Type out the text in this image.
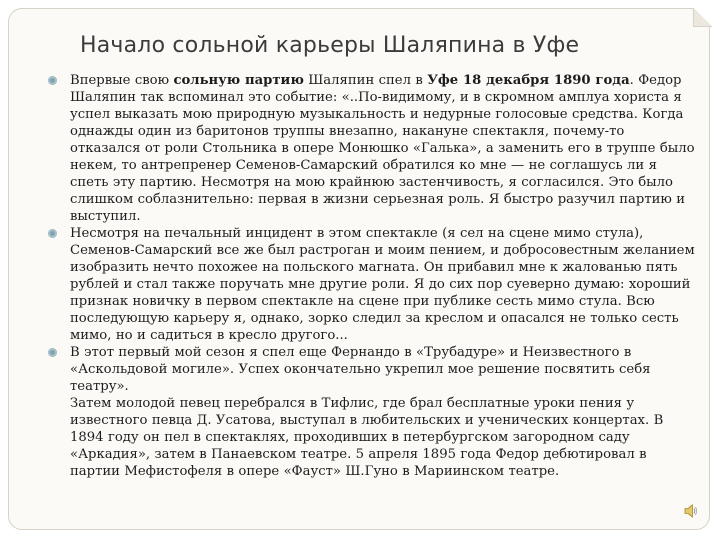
Начало сольной карьеры Шаляпина в Уфе

Впервые свою сольную партию Шаляпин спел в Уфе 18 декабря 1890 года. Федор Шаляпин так вспоминал это событие: «..По-видимому, и в скромном амплуа хориста я успел выказать мою природную музыкальность и недурные голосовые средства. Когда однажды один из баритонов труппы внезапно, накануне спектакля, почему-то отказался от роли Стольника в опере Монюшко «Галька», а заменить его в труппе было некем, то антрепренер Семенов-Самарский обратился ко мне — не соглашусь ли я спеть эту партию. Несмотря на мою крайнюю застенчивость, я согласился. Это было слишком соблазнительно: первая в жизни серьезная роль. Я быстро разучил партию и выступил.

Несмотря на печальный инцидент в этом спектакле (я сел на сцене мимо стула), Семенов-Самарский все же был растроган и моим пением, и добросовестным желанием изобразить нечто похожее на польского магната. Он прибавил мне к жалованью пять рублей и стал также поручать мне другие роли. Я до сих пор суеверно думаю: хороший признак новичку в первом спектакле на сцене при публике сесть мимо стула. Всю последующую карьеру я, однако, зорко следил за креслом и опасался не только сесть мимо, но и садиться в кресло другого...

В этот первый мой сезон я спел еще Фернандо в «Трубадуре» и Неизвестного в «Аскольдовой могиле». Успех окончательно укрепил мое решение посвятить себя театру».

Затем молодой певец перебрался в Тифлис, где брал бесплатные уроки пения у известного певца Д. Усатова, выступал в любительских и ученических концертах. В 1894 году он пел в спектаклях, проходивших в петербургском загородном саду «Аркадия», затем в Панаевском театре. 5 апреля 1895 года Федор дебютировал в партии Мефистофеля в опере «Фауст» Ш.Гуно в Мариинском театре.
